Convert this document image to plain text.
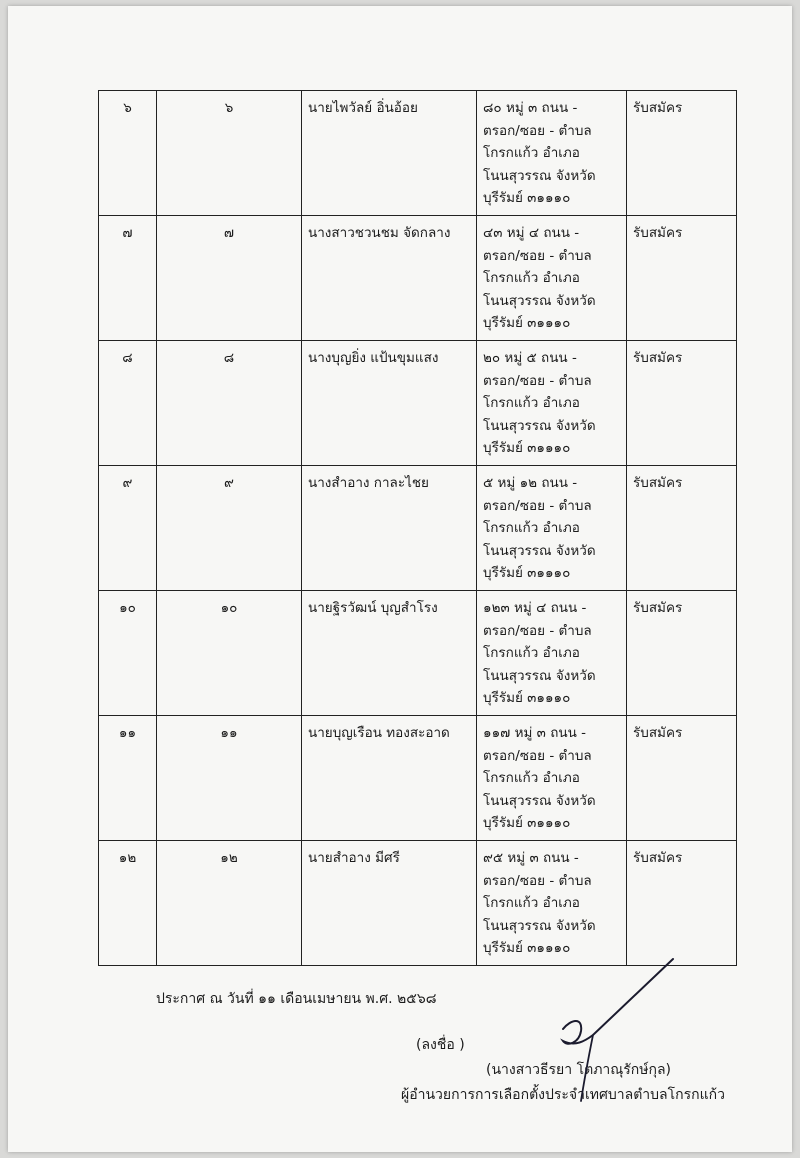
๖	๖	นายไพวัลย์ อิ่นอ้อย	๘๐ หมู่ ๓ ถนน -
ตรอก/ซอย - ตำบล
โกรกแก้ว อำเภอ
โนนสุวรรณ จังหวัด
บุรีรัมย์ ๓๑๑๑๐	รับสมัคร
๗	๗	นางสาวชวนชม จัดกลาง	๔๓ หมู่ ๔ ถนน -
ตรอก/ซอย - ตำบล
โกรกแก้ว อำเภอ
โนนสุวรรณ จังหวัด
บุรีรัมย์ ๓๑๑๑๐	รับสมัคร
๘	๘	นางบุญยิ่ง แป้นขุมแสง	๒๐ หมู่ ๕ ถนน -
ตรอก/ซอย - ตำบล
โกรกแก้ว อำเภอ
โนนสุวรรณ จังหวัด
บุรีรัมย์ ๓๑๑๑๐	รับสมัคร
๙	๙	นางสำอาง กาละไชย	๕ หมู่ ๑๒ ถนน -
ตรอก/ซอย - ตำบล
โกรกแก้ว อำเภอ
โนนสุวรรณ จังหวัด
บุรีรัมย์ ๓๑๑๑๐	รับสมัคร
๑๐	๑๐	นายฐิรวัฒน์ บุญสำโรง	๑๒๓ หมู่ ๔ ถนน -
ตรอก/ซอย - ตำบล
โกรกแก้ว อำเภอ
โนนสุวรรณ จังหวัด
บุรีรัมย์ ๓๑๑๑๐	รับสมัคร
๑๑	๑๑	นายบุญเรือน ทองสะอาด	๑๑๗ หมู่ ๓ ถนน -
ตรอก/ซอย - ตำบล
โกรกแก้ว อำเภอ
โนนสุวรรณ จังหวัด
บุรีรัมย์ ๓๑๑๑๐	รับสมัคร
๑๒	๑๒	นายสำอาง มีศรี	๙๕ หมู่ ๓ ถนน -
ตรอก/ซอย - ตำบล
โกรกแก้ว อำเภอ
โนนสุวรรณ จังหวัด
บุรีรัมย์ ๓๑๑๑๐	รับสมัคร
ประกาศ ณ วันที่ ๑๑ เดือนเมษายน พ.ศ. ๒๕๖๘
(ลงชื่อ )
(นางสาวธีรยา โตภาณุรักษ์กุล)
ผู้อำนวยการการเลือกตั้งประจำเทศบาลตำบลโกรกแก้ว
